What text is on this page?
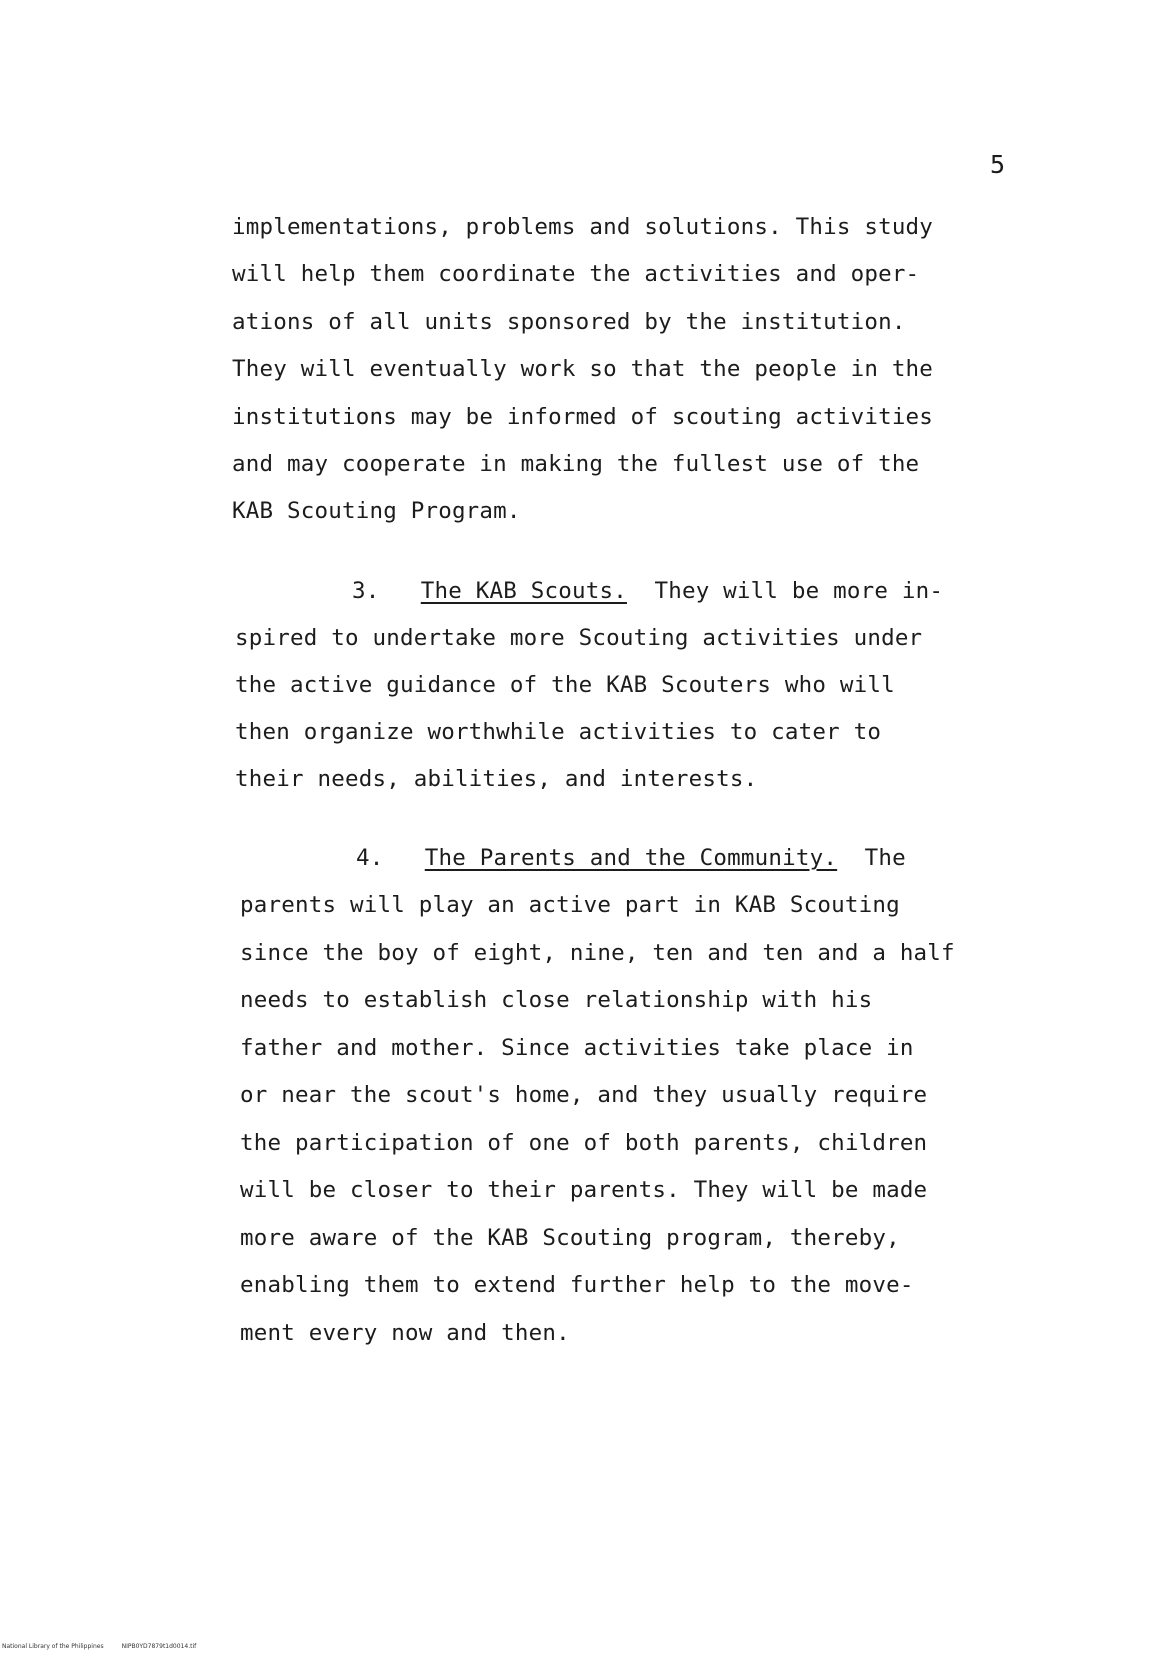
5
implementations, problems and solutions. This study
will help them coordinate the activities and oper-
ations of all units sponsored by the institution.
They will eventually work so that the people in the
institutions may be informed of scouting activities
and may cooperate in making the fullest use of the
KAB Scouting Program.
3. The KAB Scouts. They will be more in-
spired to undertake more Scouting activities under
the active guidance of the KAB Scouters who will
then organize worthwhile activities to cater to
their needs, abilities, and interests.
4. The Parents and the Community. The
parents will play an active part in KAB Scouting
since the boy of eight, nine, ten and ten and a half
needs to establish close relationship with his
father and mother. Since activities take place in
or near the scout's home, and they usually require
the participation of one of both parents, children
will be closer to their parents. They will be made
more aware of the KAB Scouting program, thereby,
enabling them to extend further help to the move-
ment every now and then.
National Library of the Philippines	NIPB0YD7879t1d0014.tif
